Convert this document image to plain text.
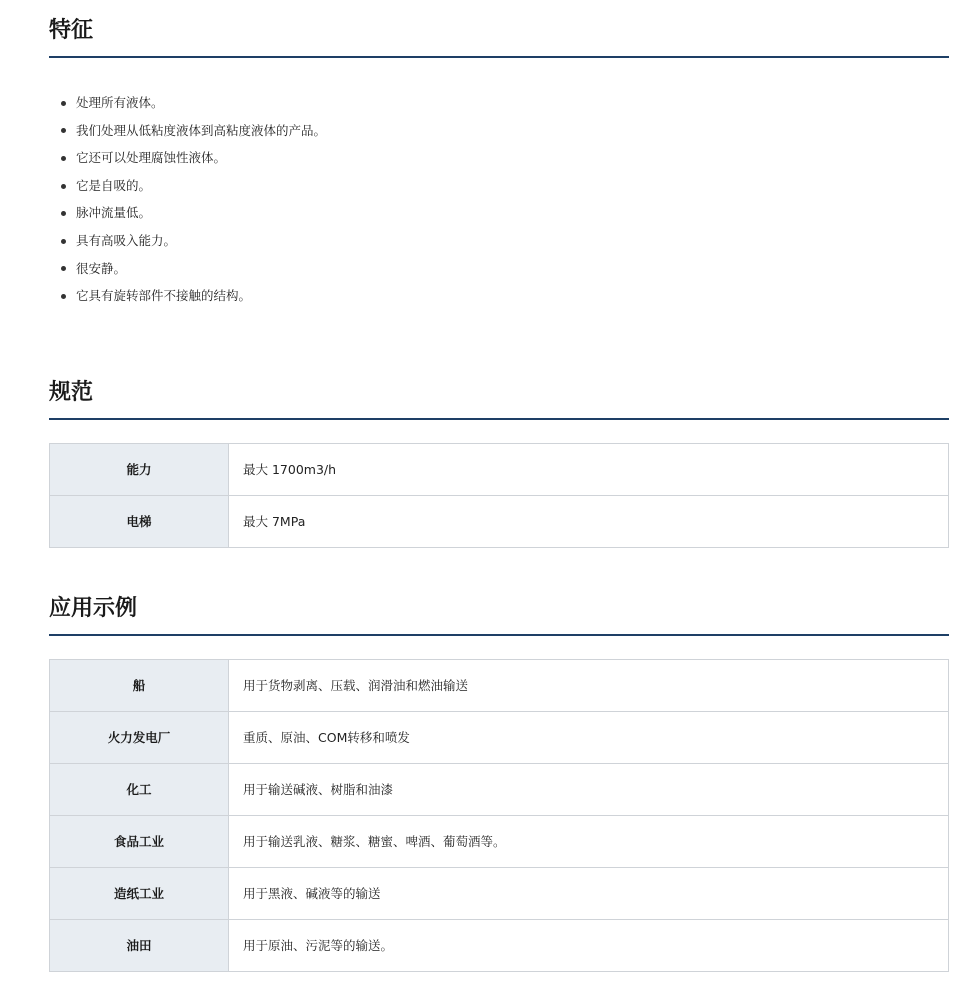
特征
处理所有液体。
我们处理从低粘度液体到高粘度液体的产品。
它还可以处理腐蚀性液体。
它是自吸的。
脉冲流量低。
具有高吸入能力。
很安静。
它具有旋转部件不接触的结构。
规范
能力	最大 1700m3/h
电梯	最大 7MPa
应用示例
船	用于货物剥离、压载、润滑油和燃油输送
火力发电厂	重质、原油、COM转移和喷发
化工	用于输送碱液、树脂和油漆
食品工业	用于输送乳液、糖浆、糖蜜、啤酒、葡萄酒等。
造纸工业	用于黑液、碱液等的输送
油田	用于原油、污泥等的输送。
